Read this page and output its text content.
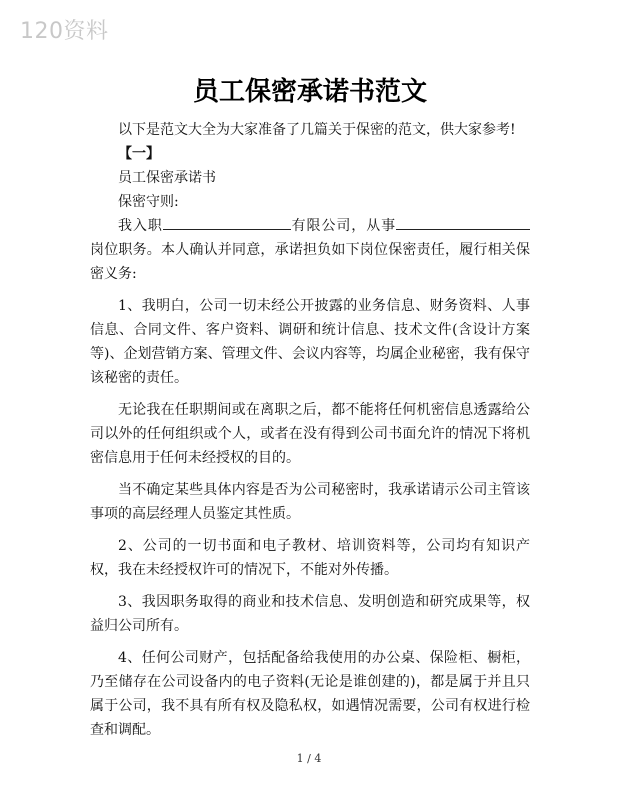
120资料
员工保密承诺书范文

以下是范文大全为大家准备了几篇关于保密的范文，供大家参考!

【一】

员工保密承诺书

保密守则:

我入职	有限公司，从事岗位职务。本人确认并同意，承诺担负如下岗位保密责任，履行相关保密义务:

1、我明白，公司一切未经公开披露的业务信息、财务资料、人事信息、合同文件、客户资料、调研和统计信息、技术文件(含设计方案等)、企划营销方案、管理文件、会议内容等，均属企业秘密，我有保守该秘密的责任。

无论我在任职期间或在离职之后，都不能将任何机密信息透露给公司以外的任何组织或个人，或者在没有得到公司书面允许的情况下将机密信息用于任何未经授权的目的。

当不确定某些具体内容是否为公司秘密时，我承诺请示公司主管该事项的高层经理人员鉴定其性质。

2、公司的一切书面和电子教材、培训资料等，公司均有知识产权，我在未经授权许可的情况下，不能对外传播。

3、我因职务取得的商业和技术信息、发明创造和研究成果等，权益归公司所有。

4、任何公司财产，包括配备给我使用的办公桌、保险柜、橱柜，乃至储存在公司设备内的电子资料(无论是谁创建的)，都是属于并且只属于公司，我不具有所有权及隐私权，如遇情况需要，公司有权进行检查和调配。

1 / 4
